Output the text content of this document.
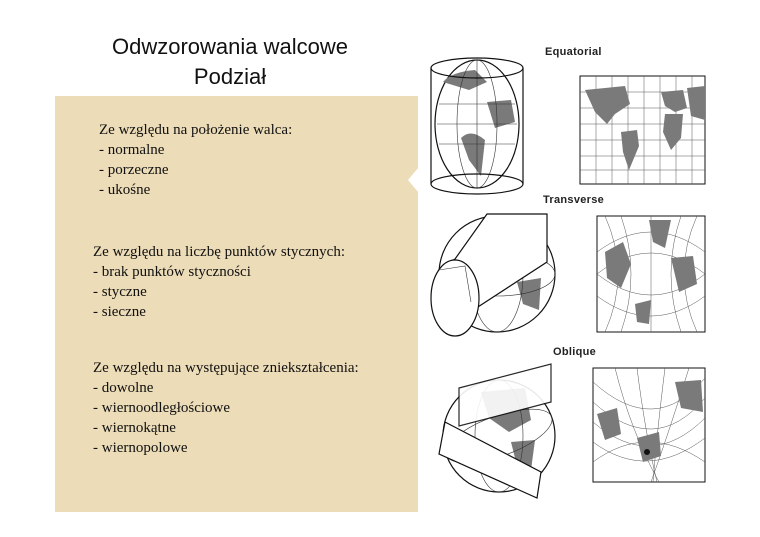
Odwzorowania walcowe
Podział
Ze względu na położenie walca:
- normalne
- porzeczne
- ukośne
Ze względu na liczbę punktów stycznych:
- brak punktów styczności
- styczne
- sieczne
Ze względu na występujące zniekształcenia:
- dowolne
- wiernoodległościowe
- wiernokątne
- wiernopolowe
Equatorial
Transverse
Oblique
